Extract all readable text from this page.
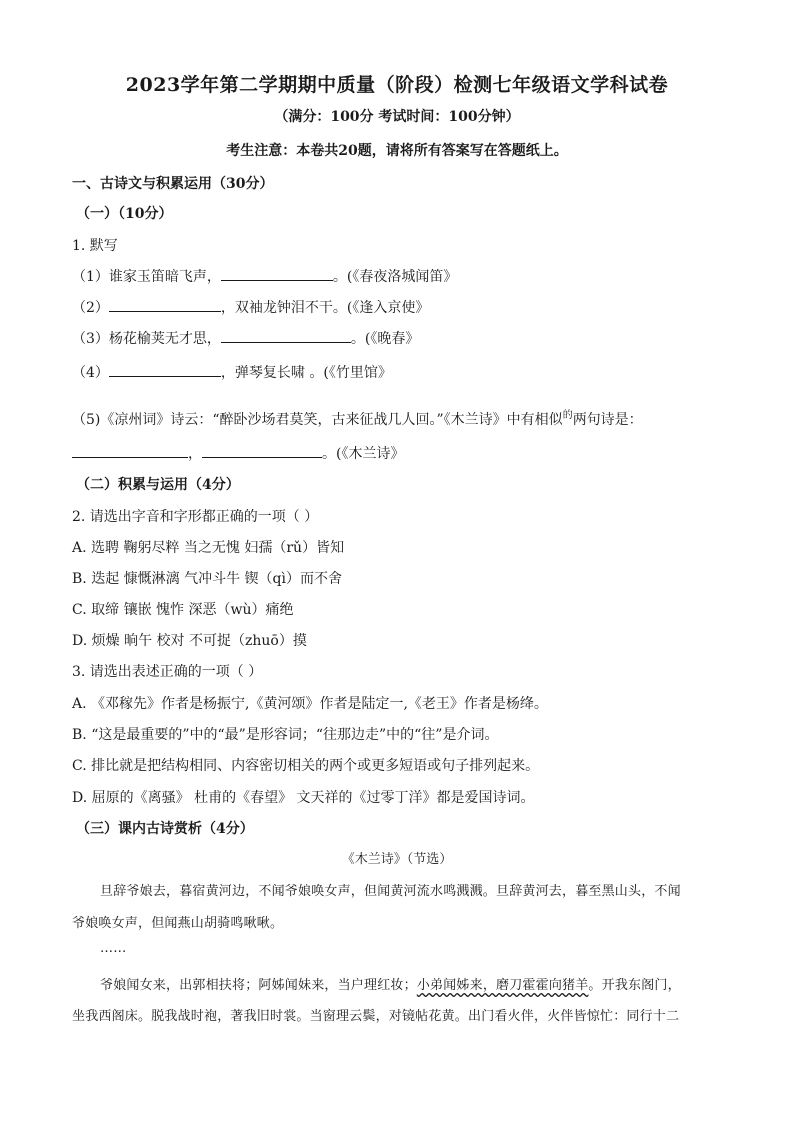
2023学年第二学期期中质量（阶段）检测七年级语文学科试卷
（满分：100分 考试时间：100分钟）
考生注意：本卷共20题，请将所有答案写在答题纸上。
一、古诗文与积累运用（30分）
（一）（10分）
1. 默写
（1）谁家玉笛暗飞声，	。(《春夜洛城闻笛》
（2）	，双袖龙钟泪不干。(《逢入京使》
（3）杨花榆荚无才思，	。(《晚春》
（4）	，弹琴复长啸 。(《竹里馆》
（5)《凉州词》诗云：“醉卧沙场君莫笑，古来征战几人回。”《木兰诗》中有相似$^的$两句诗是：
，	。(《木兰诗》
（二）积累与运用（4分）
2. 请选出字音和字形都正确的一项（ ）
A. 选聘 鞠躬尽粹 当之无愧 妇孺（rǔ）皆知
B. 迭起 慷慨淋漓 气冲斗牛 锲（qì）而不舍
C. 取缔 镶嵌 愧怍 深恶（wù）痛绝
D. 烦燥 晌午 校对 不可捉（zhuō）摸
3. 请选出表述正确的一项（ ）
A. 《邓稼先》作者是杨振宁,《黄河颂》作者是陆定一,《老王》作者是杨绛。
B. “这是最重要的”中的“最”是形容词；“往那边走”中的“往”是介词。
C. 排比就是把结构相同、内容密切相关的两个或更多短语或句子排列起来。
D. 屈原的《离骚》 杜甫的《春望》 文天祥的《过零丁洋》都是爱国诗词。
（三）课内古诗赏析（4分）
《木兰诗》（节选）
旦辞爷娘去，暮宿黄河边，不闻爷娘唤女声，但闻黄河流水鸣溅溅。旦辞黄河去，暮至黑山头，不闻
爷娘唤女声，但闻燕山胡骑鸣啾啾。
……
爷娘闻女来，出郭相扶将；阿姊闻妹来，当户理红妆；小弟闻姊来，磨刀霍霍向猪羊。开我东阁门，
坐我西阁床。脱我战时袍，著我旧时裳。当窗理云鬓，对镜帖花黄。出门看火伴，火伴皆惊忙：同行十二
